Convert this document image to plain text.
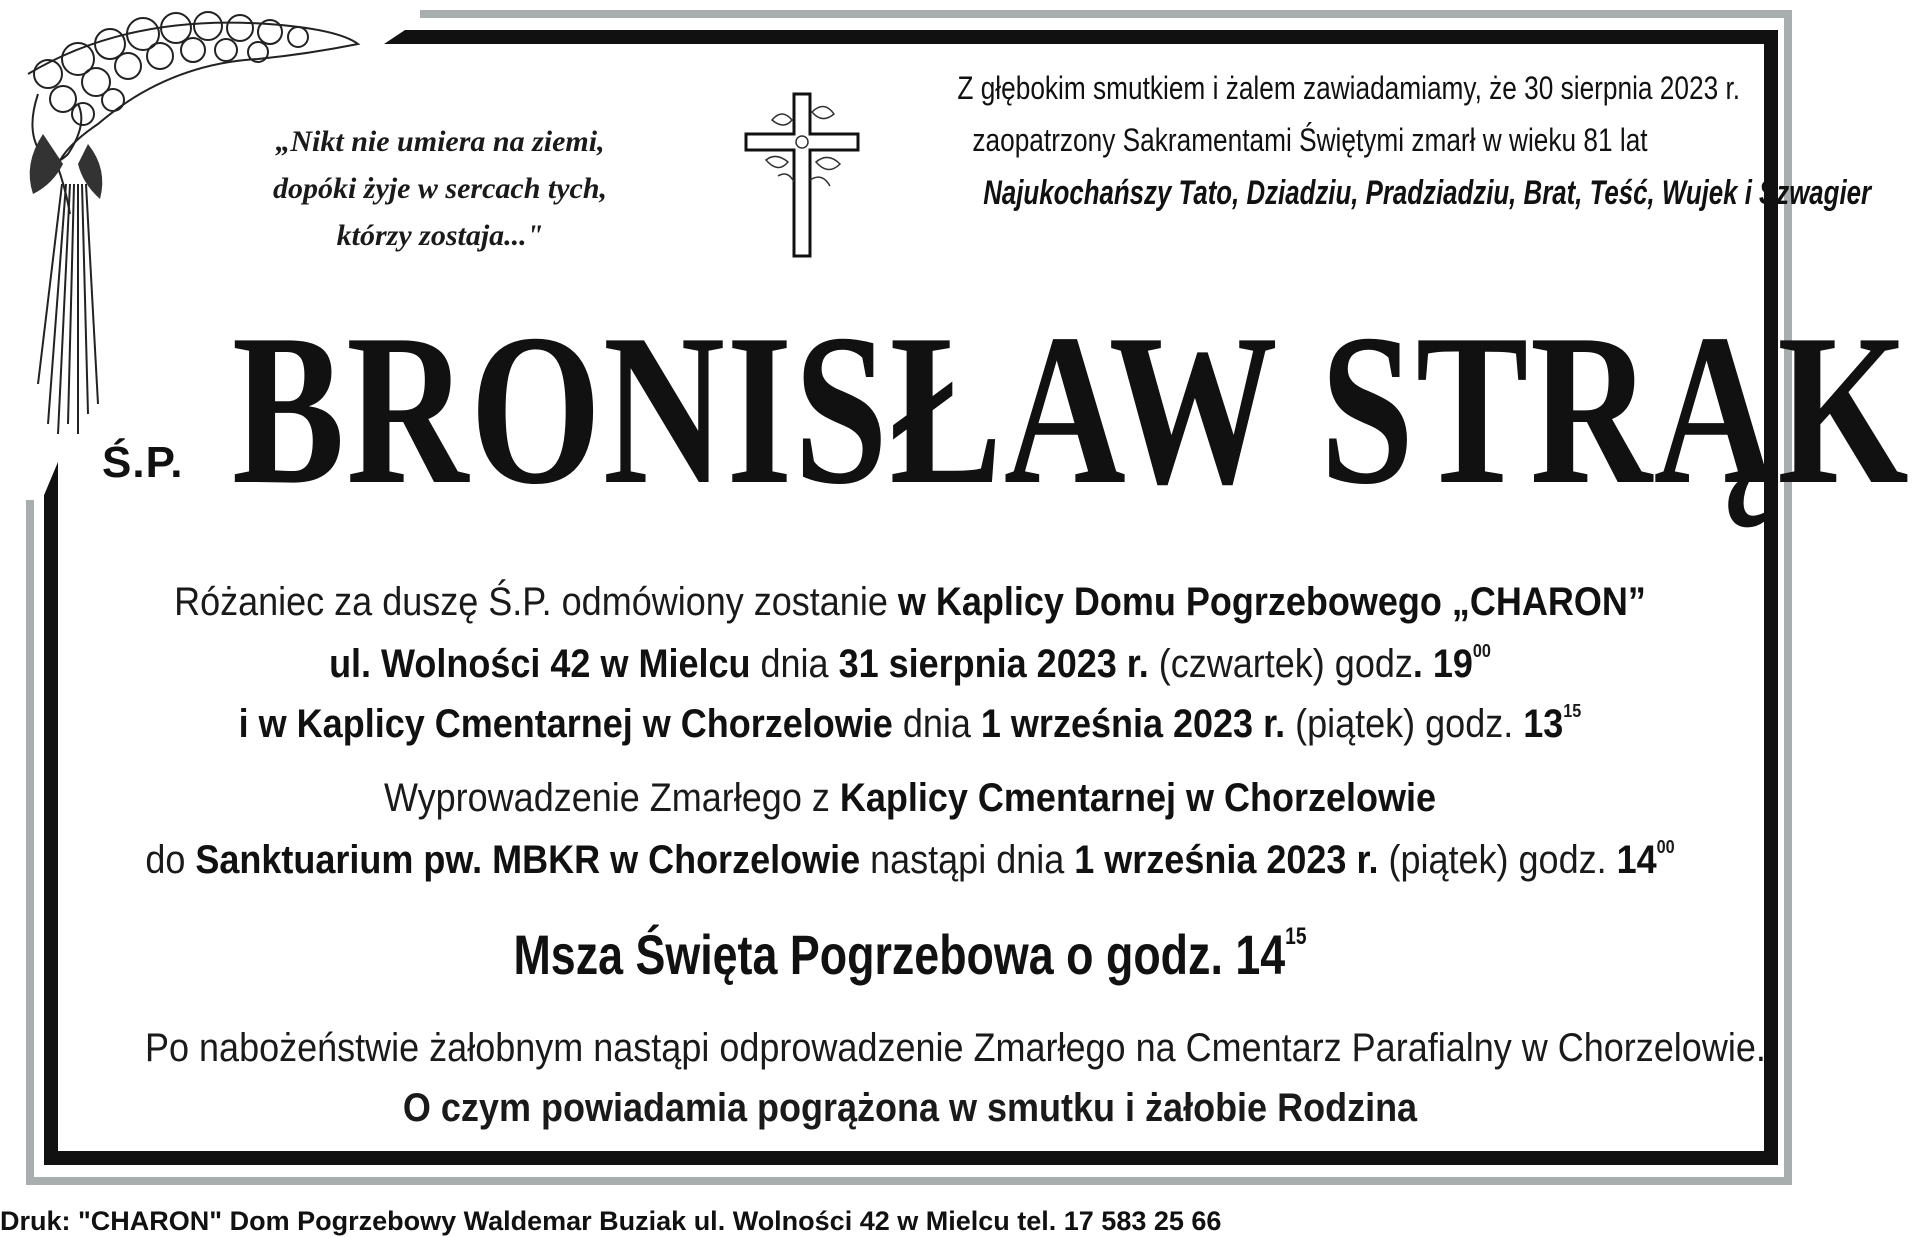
„Nikt nie umiera na ziemi,
dopóki żyje w sercach tych,
którzy zostaja..."
Z głębokim smutkiem i żalem zawiadamiamy, że 30 sierpnia 2023 r.
zaopatrzony Sakramentami Świętymi zmarł w wieku 81 lat
Najukochańszy Tato, Dziadziu, Pradziadziu, Brat, Teść, Wujek i Szwagier
Ś.P. BRONISŁAW STRĄK
Różaniec za duszę Ś.P. odmówiony zostanie w Kaplicy Domu Pogrzebowego „CHARON”
ul. Wolności 42 w Mielcu dnia 31 sierpnia 2023 r. (czwartek) godz. $19^{00}$
i w Kaplicy Cmentarnej w Chorzelowie dnia 1 września 2023 r. (piątek) godz. $13^{15}$
Wyprowadzenie Zmarłego z Kaplicy Cmentarnej w Chorzelowie
do Sanktuarium pw. MBKR w Chorzelowie nastąpi dnia 1 września 2023 r. (piątek) godz. $14^{00}$
Msza Święta Pogrzebowa o godz. $14^{15}$
Po nabożeństwie żałobnym nastąpi odprowadzenie Zmarłego na Cmentarz Parafialny w Chorzelowie.
O czym powiadamia pogrążona w smutku i żałobie Rodzina
Druk: "CHARON" Dom Pogrzebowy Waldemar Buziak ul. Wolności 42 w Mielcu tel. 17 583 25 66
